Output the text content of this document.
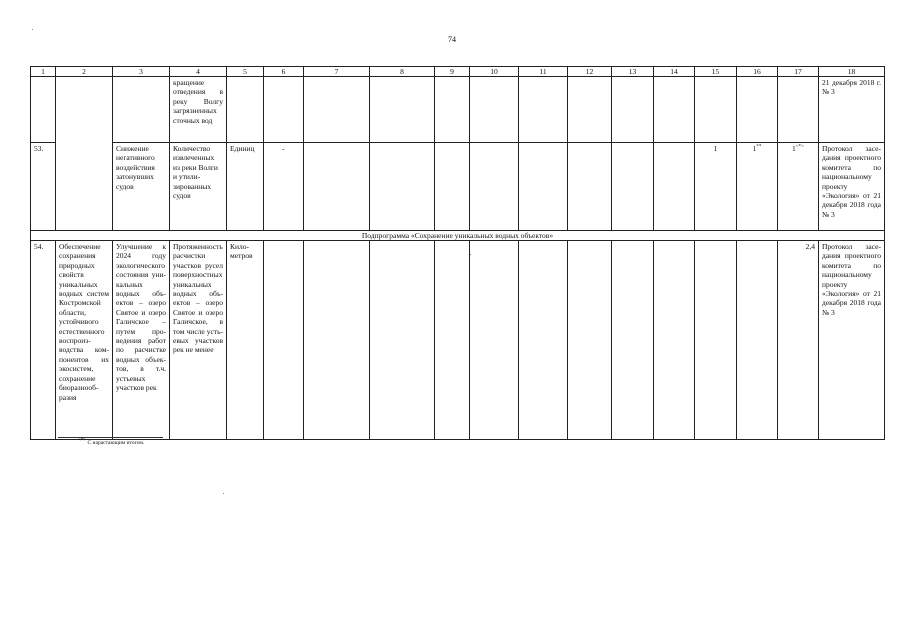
74
1	2	3	4	5	6	7	8	9	10	11	12	13	14	15	16	17	18
			кращение отведения в реку Волгу загрязненных сточных вод														21 декабря 2018 г. № 3
53.		Снижение негативного воздействия затонувших судов	Количество извлеченных из реки Волги и утилизированных судов	Единиц	-									1	1**	1<*>	Протокол заседания проектного комитета по национальному проекту «Экология» от 21 декабря 2018 года № 3
Подпрограмма «Сохранение уникальных водных объектов»																	
54.	Обеспечение сохранения природных свойств уникальных водных систем Костромской области, устойчивого естественного воспроизводства компонентов их экосистем, сохранение биоразнообразия	Улучшение к 2024 году экологического состояния уникальных водных объектов – озеро Святое и озеро Галичское – путем проведения работ по расчистке водных объектов, в т.ч. устьевых участков рек	Протяженность расчистки участков русел поверхностных уникальных водных объектов – озеро Святое и озеро Галичское, в том числе устьевых участков рек не менее	Километров												2,4	Протокол заседания проектного комитета по национальному проекту «Экология» от 21 декабря 2018 года № 3
<*> С нарастающим итогом.
